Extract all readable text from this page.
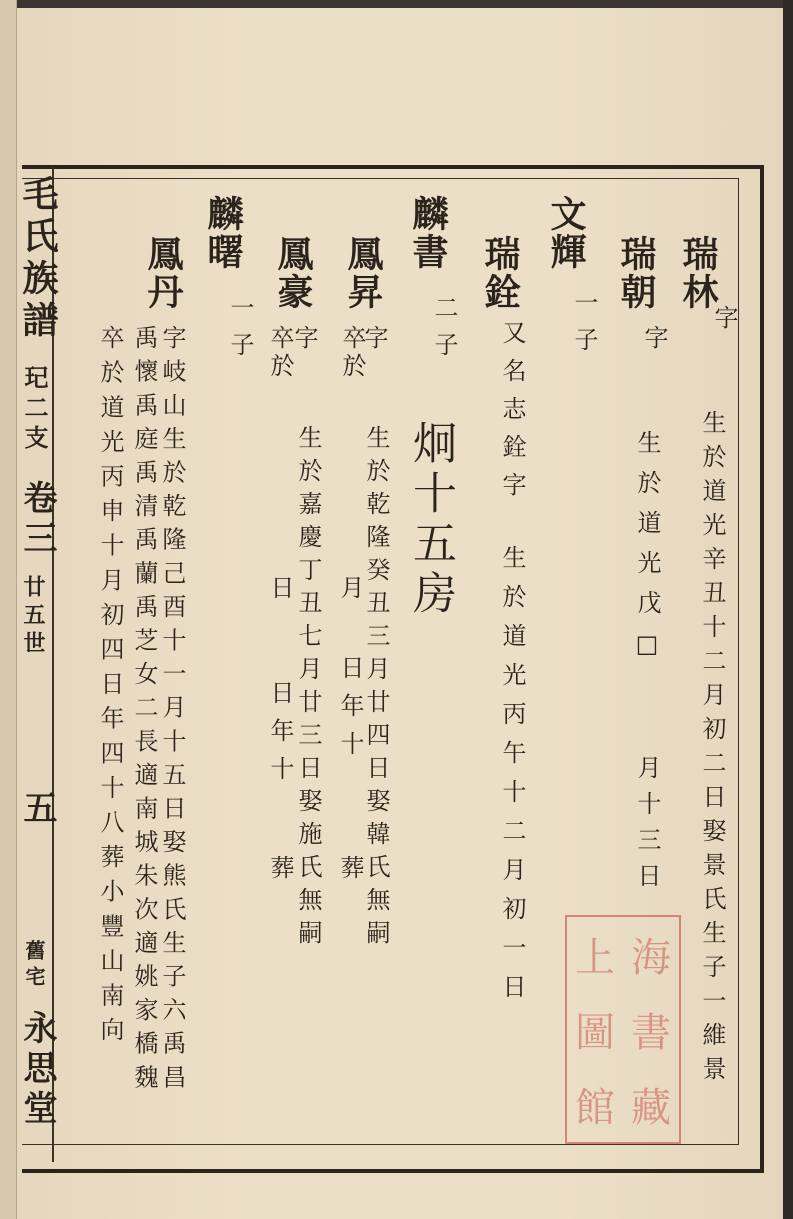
毛氏族譜
玘二支
卷三
廿五世
五
舊宅
永思堂
瑞林
字
生於道光辛丑十二月初二日娶景氏生子一維景
瑞朝
字
生於道光戊□
月十三日
文輝
一子
瑞銓
又名志銓字
生於道光丙午十二月初一日
麟書
二子
炯十五房
鳳昇
字
卒於
生於乾隆癸丑三月廿四日娶韓氏無嗣
月
日年十
葬
鳳豪
字
卒於
生於嘉慶丁丑七月廿三日娶施氏無嗣
日
日年十
葬
麟曙
一子
鳳丹
字岐山生於乾隆己酉十一月十五日娶熊氏生子六禹昌
禹懷禹庭禹清禹蘭禹芝女二長適南城朱次適姚家橋魏
卒於道光丙申十月初四日年四十八葬小豐山南向	上 海
圖 書
館 藏
